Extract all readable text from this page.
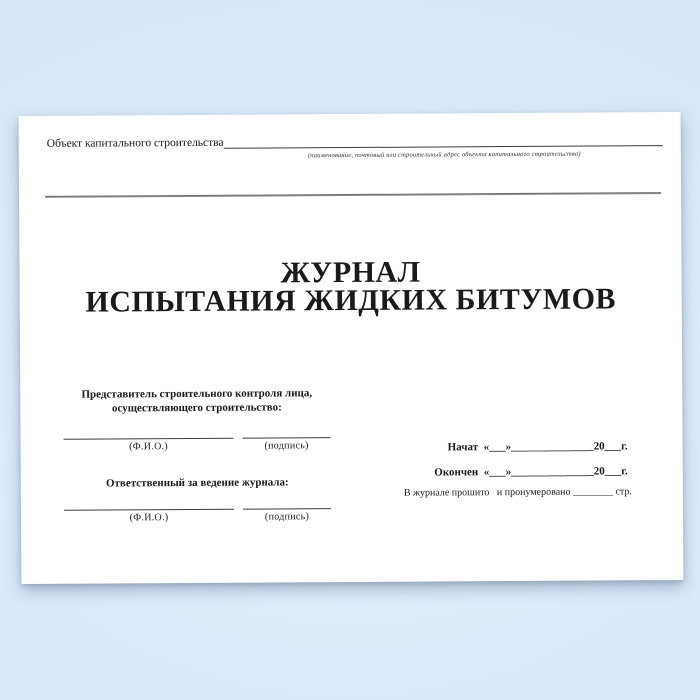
Объект капитального строительства
(наименование, почтовый или строительный адрес объекта капитального строительства)
ЖУРНАЛ
ИСПЫТАНИЯ ЖИДКИХ БИТУМОВ
Представитель строительного контроля лица,
осуществляющего строительство:
(Ф.И.О.)	(подпись)
Ответственный за ведение журнала:
(Ф.И.О.)	(подпись)
Начат  «___»_______________20___г.
Окончен  «___»_______________20___г.
В журнале прошито   и пронумеровано ________ стр.
